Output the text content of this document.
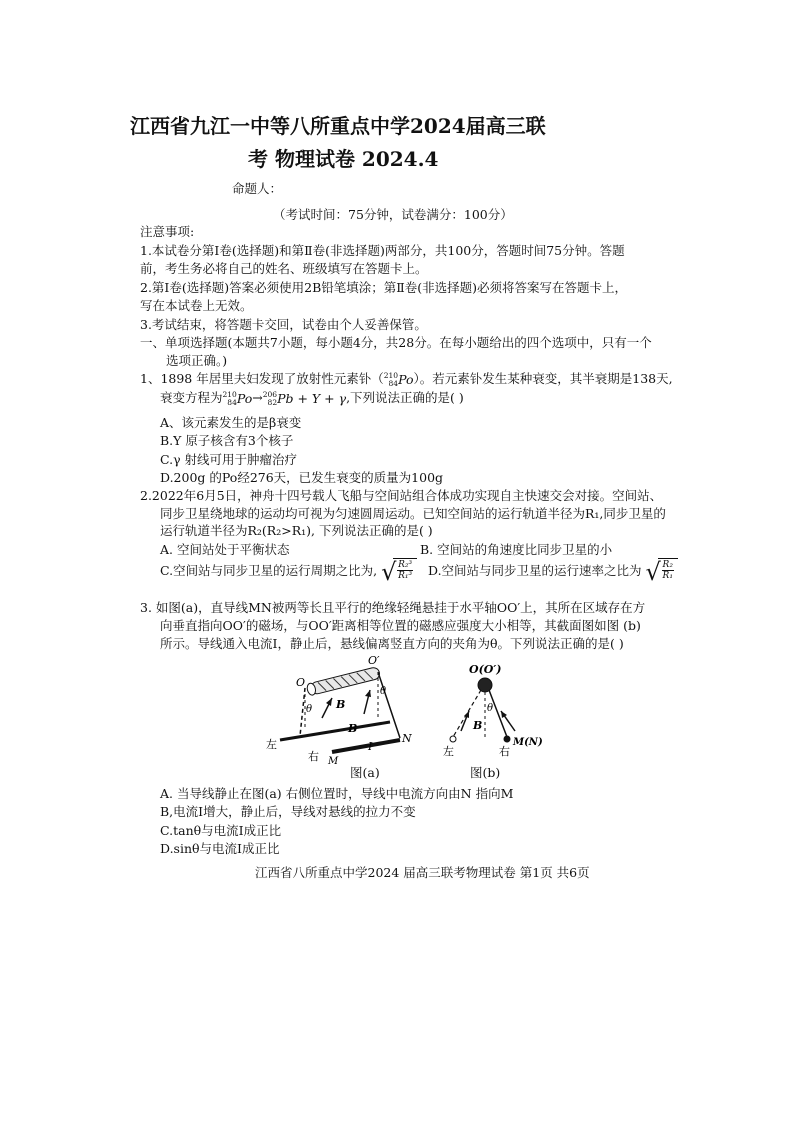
江西省九江一中等八所重点中学2024届高三联
考 物理试卷 2024.4
命题人：
（考试时间：75分钟，试卷满分：100分）
注意事项:
1.本试卷分第Ⅰ卷(选择题)和第Ⅱ卷(非选择题)两部分，共100分，答题时间75分钟。答题
前，考生务必将自己的姓名、班级填写在答题卡上。
2.第Ⅰ卷(选择题)答案必须使用2B铅笔填涂；第Ⅱ卷(非选择题)必须将答案写在答题卡上，
写在本试卷上无效。
3.考试结束，将答题卡交回，试卷由个人妥善保管。
一、单项选择题(本题共7小题，每小题4分，共28分。在每小题给出的四个选项中，只有一个
选项正确。)
1、1898 年居里夫妇发现了放射性元素钋（ 210
84 Po）。若元素钋发生某种衰变，其半衰期是138天,
衰变方程为 210
84 Po→ 206
82 Pb + Y + γ,下列说法正确的是( )
A、该元素发生的是β衰变
B.Y 原子核含有3个核子
C.γ 射线可用于肿瘤治疗
D.200g 的Po经276天，已发生衰变的质量为100g
2.2022年6月5日，神舟十四号载人飞船与空间站组合体成功实现自主快速交会对接。空间站、
同步卫星绕地球的运动均可视为匀速圆周运动。已知空间站的运行轨道半径为R₁,同步卫星的
运行轨道半径为R₂(R₂>R₁), 下列说法正确的是( )
A. 空间站处于平衡状态	B. 空间站的角速度比同步卫星的小
C.空间站与同步卫星的运行周期之比为, √ $\frac{\text{R₂³}}{\text{R₁³}} D$.空间站与同步卫星的运行速率之比为 √ $\frac{\text{R₂}}{\text{R₁}}$
3. 如图(a)，直导线MN被两等长且平行的绝缘轻绳悬挂于水平轴OO′上，其所在区域存在方
向垂直指向OO′的磁场，与OO′距离相等位置的磁感应强度大小相等，其截面图如图 (b)
所示。导线通入电流I，静止后，悬线偏离竖直方向的夹角为θ。下列说法正确的是( )
O
O′
θ
θ
B
B
左
右 M
I
N
O(O′)
θ
B
M(N)
左	右
图(a)	图(b)
A. 当导线静止在图(a) 右侧位置时，导线中电流方向由N 指向M
B,电流I增大，静止后，导线对悬线的拉力不变
C.tanθ与电流I成正比
D.sinθ与电流I成正比
江西省八所重点中学2024 届高三联考物理试卷 第1页 共6页
